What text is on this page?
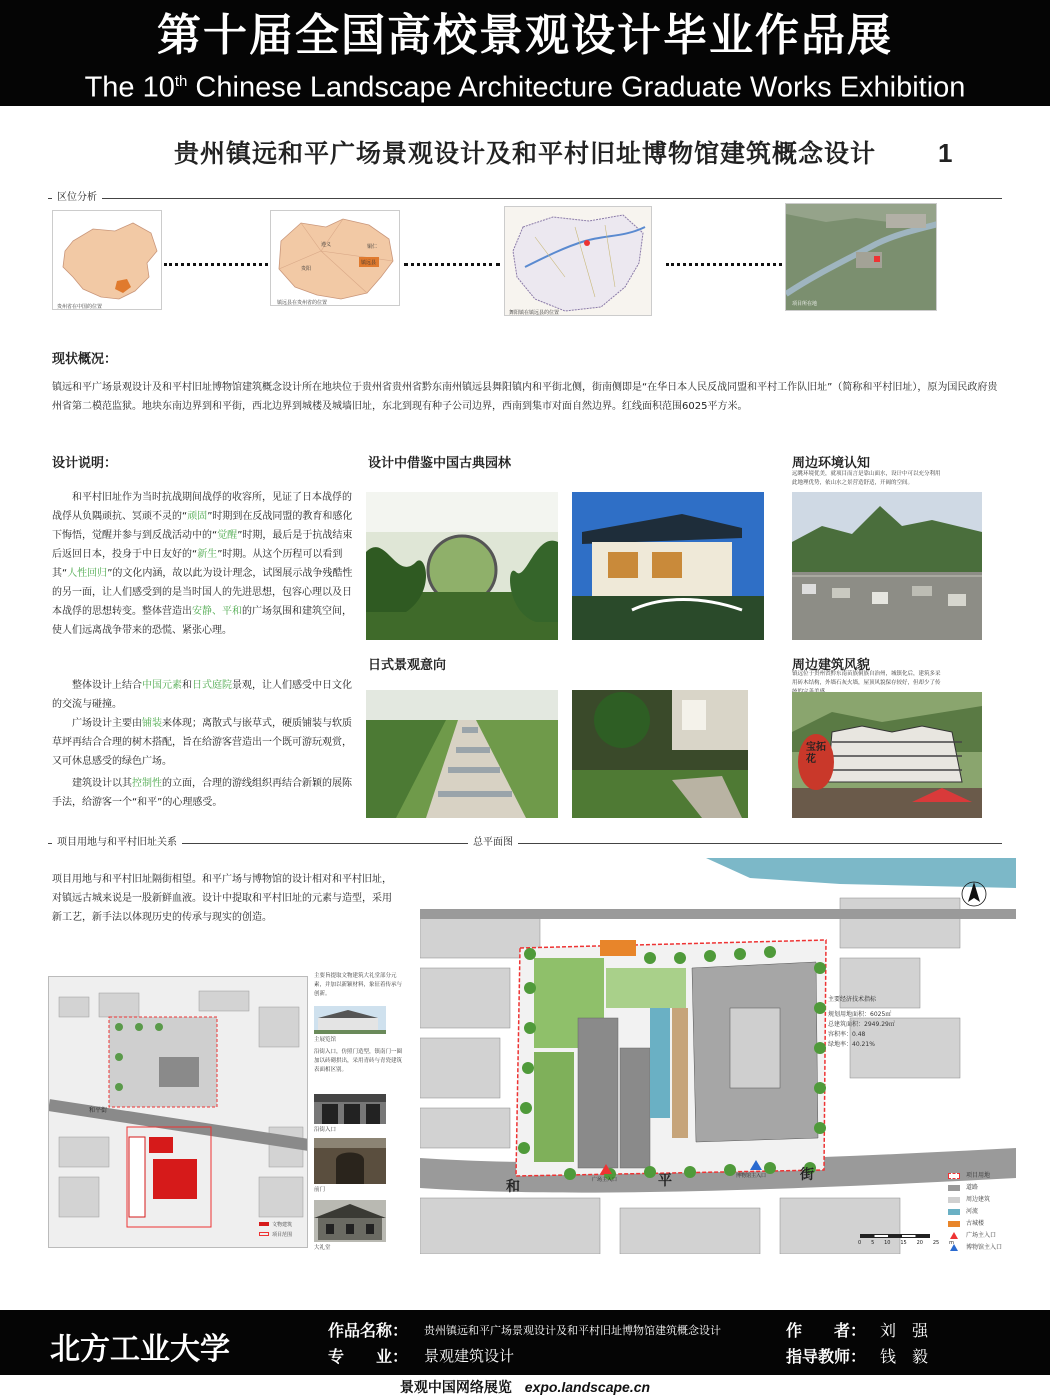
第十届全国高校景观设计毕业作品展
The 10th Chinese Landscape Architecture Graduate Works Exhibition
贵州镇远和平广场景观设计及和平村旧址博物馆建筑概念设计	1
区位分析
贵州省在中国的位置
遵义	铜仁
贵阳
镇远县
镇远县在贵州省的位置
舞阳镇在镇远县的位置
项目所在地
现状概况：
镇远和平广场景观设计及和平村旧址博物馆建筑概念设计所在地块位于贵州省贵州省黔东南州镇远县舞阳镇内和平街北侧，街南侧即是“在华日本人民反战同盟和平村工作队旧址”（简称和平村旧址），原为国民政府贵州省第二模范监狱。地块东南边界到和平街，西北边界到城楼及城墙旧址，东北到现有种子公司边界，西南到集市对面自然边界。红线面积范围6025平方米。
设计说明：
和平村旧址作为当时抗战期间战俘的收容所，见证了日本战俘的战俘从负隅顽抗、冥顽不灵的“顽固”时期到在反战同盟的教育和感化下悔悟，觉醒并参与到反战活动中的“觉醒”时期，最后是于抗战结束后返回日本，投身于中日友好的“新生”时期。从这个历程可以看到其“人性回归”的文化内涵，故以此为设计理念，试图展示战争残酷性的另一面，让人们感受到的是当时国人的先进思想，包容心理以及日本战俘的思想转变。整体营造出安静、平和的广场氛围和建筑空间，使人们远离战争带来的恐慌、紧张心理。
整体设计上结合中国元素和日式庭院景观，让人们感受中日文化的交流与碰撞。
广场设计主要由铺装来体现；离散式与嵌草式，硬质铺装与软质草坪再结合合理的树木搭配，旨在给游客营造出一个既可游玩观赏，又可休息感受的绿色广场。
建筑设计以其控制性的立面，合理的游线组织再结合新颖的展陈手法，给游客一个“和平”的心理感受。
设计中借鉴中国古典园林	周边环境认知
远眺环境优美，就项目而言是靠山面水，设计中可以充分利用此地理优势，依山水之景营造舒适，开阔的空间。
日式景观意向	周边建筑风貌
镇远位于贵州省黔东南苗族侗族自治州，城镇化后，建筑多采用砖木结构，外墙石灰火墙，屋顶风貌保存较好，但却少了传
宝拓花
项目用地与和平村旧址关系	总平面图
项目用地与和平村旧址隔街相望。和平广场与博物馆的设计相对和平村旧址，对镇远古城来说是一股新鲜血液。设计中提取和平村旧址的元素与造型，采用新工艺，新手法以体现历史的传承与现实的创造。
和平街
文物建筑
项目范围
主要旨提取文物建筑大礼堂部分元素，并加以新颖材料，象征着传承与创新。
主展览馆
沿街入口，仿照门造型，镇南门一圈加以砖砌拱出，采用青砖与青瓷建筑表面相区别。
沿街入口
前门
大礼堂
主要经济技术指标
规划用地面积：6025㎡
总建筑面积：2949.29㎡
容积率：0.48
绿地率：40.21%
和	平	街
广场主入口
博物馆主入口
0 5 10 15 20 25 m
项目用地
道路
周边建筑
河流
古城楼
广场主入口
博物馆主入口
北方工业大学
作品名称： 贵州镇远和平广场景观设计及和平村旧址博物馆建筑概念设计
专　　业： 景观建筑设计
作　　者： 刘　强
指导教师： 钱　毅
景观中国网络展览 expo.landscape.cn
